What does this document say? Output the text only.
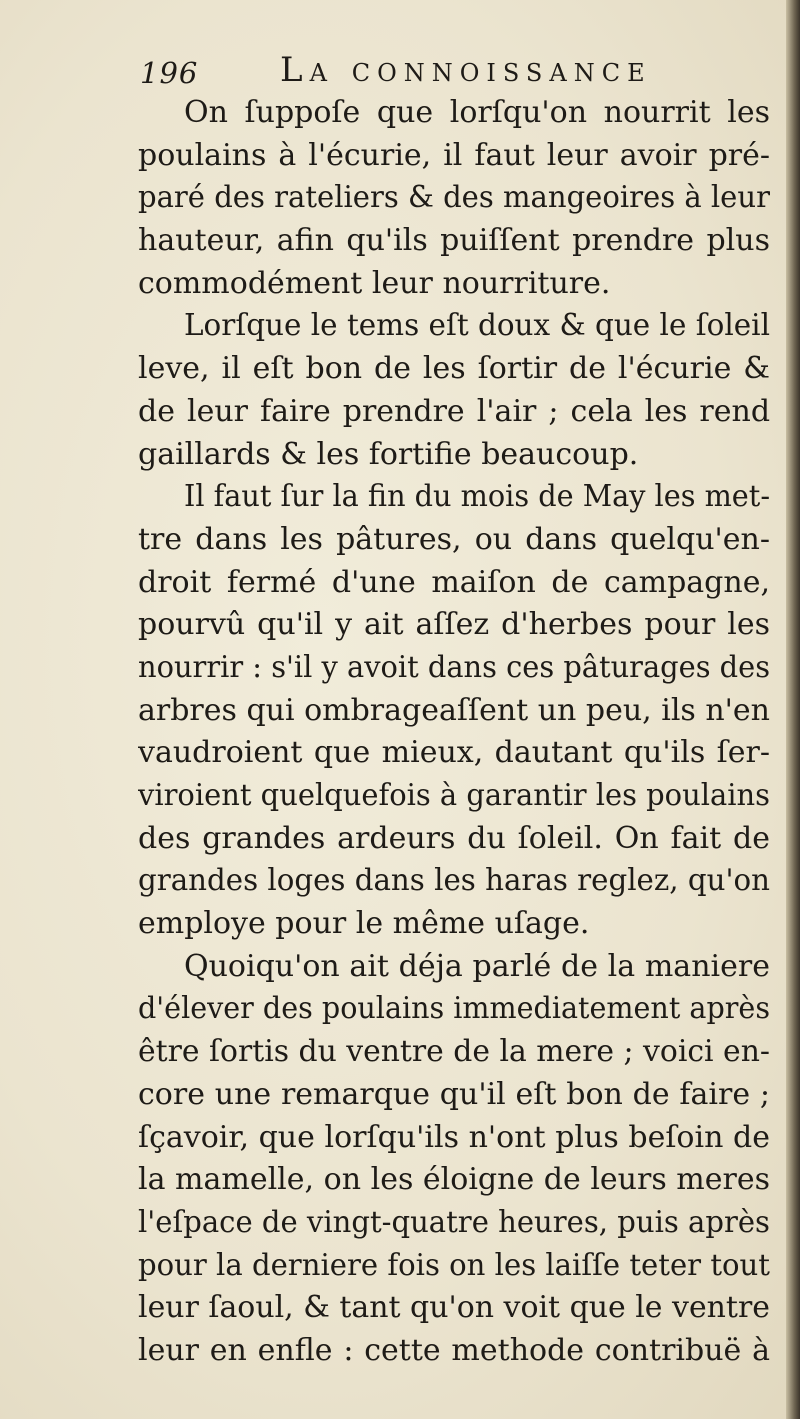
196 La connoissance
On ſuppoſe que lorſqu'on nourrit les
poulains à l'écurie, il faut leur avoir pré-
paré des rateliers & des mangeoires à leur
hauteur, afin qu'ils puiſſent prendre plus
commodément leur nourriture.
Lorſque le tems eſt doux & que le ſoleil
leve, il eſt bon de les ſortir de l'écurie &
de leur faire prendre l'air ; cela les rend
gaillards & les fortifie beaucoup.
Il faut ſur la fin du mois de May les met-
tre dans les pâtures, ou dans quelqu'en-
droit fermé d'une maiſon de campagne,
pourvû qu'il y ait aſſez d'herbes pour les
nourrir : s'il y avoit dans ces pâturages des
arbres qui ombrageaſſent un peu, ils n'en
vaudroient que mieux, dautant qu'ils ſer-
viroient quelquefois à garantir les poulains
des grandes ardeurs du ſoleil. On fait de
grandes loges dans les haras reglez, qu'on
employe pour le même uſage.
Quoiqu'on ait déja parlé de la maniere
d'élever des poulains immediatement après
être ſortis du ventre de la mere ; voici en-
core une remarque qu'il eſt bon de faire ;
ſçavoir, que lorſqu'ils n'ont plus beſoin de
la mamelle, on les éloigne de leurs meres
l'eſpace de vingt-quatre heures, puis après
pour la derniere fois on les laiſſe teter tout
leur ſaoul, & tant qu'on voit que le ventre
leur en enfle : cette methode contribuë à
